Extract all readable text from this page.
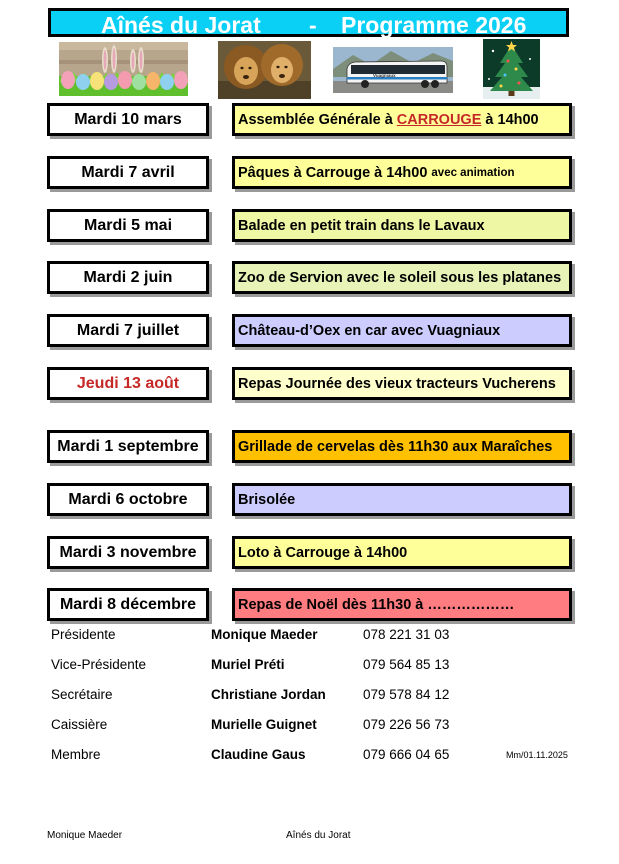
Aînés du Jorat - Programme 2026
Vuagniaux
Mardi 10 mars	Assemblée Générale à CARROUGE à 14h00
Mardi 7 avril	Pâques à Carrouge à 14h00 avec animation
Mardi 5 mai	Balade en petit train dans le Lavaux
Mardi 2 juin	Zoo de Servion avec le soleil sous les platanes
Mardi 7 juillet	Château-d’Oex en car avec Vuagniaux
Jeudi 13 août	Repas Journée des vieux tracteurs Vucherens
Mardi 1 septembre	Grillade de cervelas dès 11h30 aux Maraîches
Mardi 6 octobre	Brisolée
Mardi 3 novembre	Loto à Carrouge à 14h00
Mardi 8 décembre	Repas de Noël dès 11h30 à ………………
Présidente	Monique Maeder	078 221 31 03
Vice-Présidente	Muriel Préti	079 564 85 13
Secrétaire	Christiane Jordan	079 578 84 12
Caissière	Murielle Guignet	079 226 56 73
Membre	Claudine Gaus	079 666 04 65	Mm/01.11.2025
Monique Maeder	Aînés du Jorat
